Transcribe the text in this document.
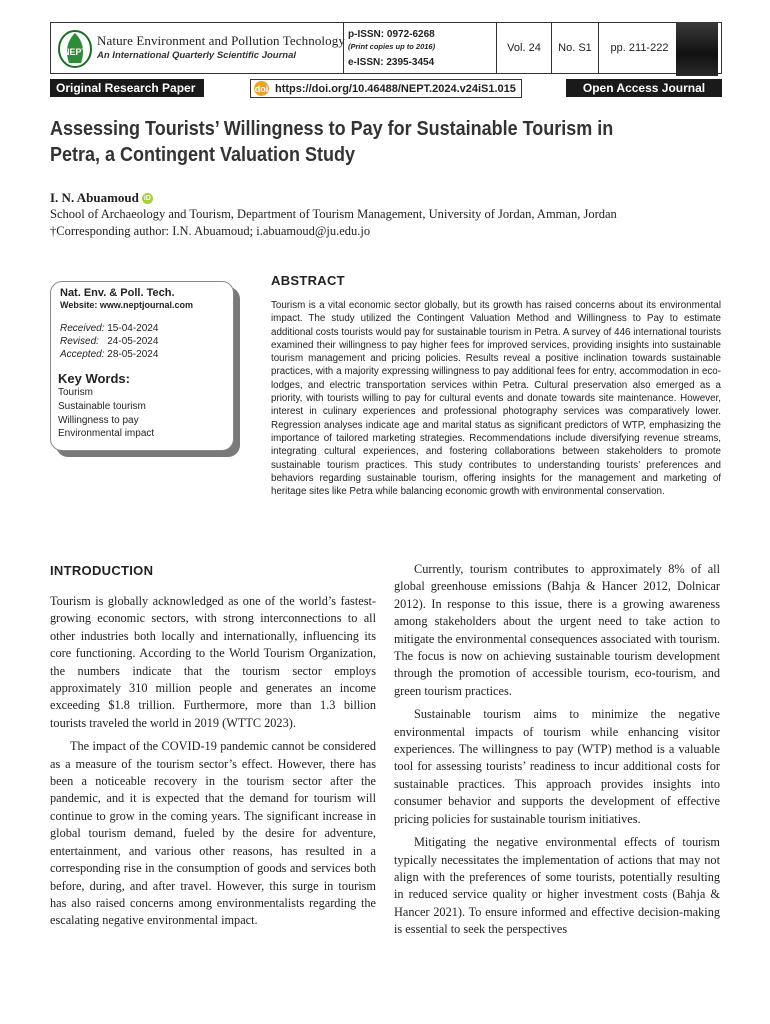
NEPT
Nature Environment and Pollution Technology
An International Quarterly Scientific Journal
p-ISSN: 0972-6268
(Print copies up to 2016)
e-ISSN: 2395-3454
Vol. 24	No. S1	pp. 211-222
Original Research Paper	doi https://doi.org/10.46488/NEPT.2024.v24iS1.015	Open Access Journal
Assessing Tourists’ Willingness to Pay for Sustainable Tourism in Petra, a Contingent Valuation Study
I. N. Abuamoud iD
School of Archaeology and Tourism, Department of Tourism Management, University of Jordan, Amman, Jordan
†Corresponding author: I.N. Abuamoud; i.abuamoud@ju.edu.jo
Nat. Env. & Poll. Tech.
Website: www.neptjournal.com
Received: 15-04-2024
Revised: 24-05-2024
Accepted: 28-05-2024
Key Words:
Tourism
Sustainable tourism
Willingness to pay
Environmental impact
ABSTRACT
Tourism is a vital economic sector globally, but its growth has raised concerns about its environmental impact. The study utilized the Contingent Valuation Method and Willingness to Pay to estimate additional costs tourists would pay for sustainable tourism in Petra. A survey of 446 international tourists examined their willingness to pay higher fees for improved services, providing insights into sustainable tourism management and pricing policies. Results reveal a positive inclination towards sustainable practices, with a majority expressing willingness to pay additional fees for entry, accommodation in eco-lodges, and electric transportation services within Petra. Cultural preservation also emerged as a priority, with tourists willing to pay for cultural events and donate towards site maintenance. However, interest in culinary experiences and professional photography services was comparatively lower. Regression analyses indicate age and marital status as significant predictors of WTP, emphasizing the importance of tailored marketing strategies. Recommendations include diversifying revenue streams, integrating cultural experiences, and fostering collaborations between stakeholders to promote sustainable tourism practices. This study contributes to understanding tourists’ preferences and behaviors regarding sustainable tourism, offering insights for the management and marketing of heritage sites like Petra while balancing economic growth with environmental conservation.
INTRODUCTION

Tourism is globally acknowledged as one of the world’s fastest-growing economic sectors, with strong interconnections to all other industries both locally and internationally, influencing its core functioning. According to the World Tourism Organization, the numbers indicate that the tourism sector employs approximately 310 million people and generates an income exceeding $1.8 trillion. Furthermore, more than 1.3 billion tourists traveled the world in 2019 (WTTC 2023).

The impact of the COVID-19 pandemic cannot be considered as a measure of the tourism sector’s effect. However, there has been a noticeable recovery in the tourism sector after the pandemic, and it is expected that the demand for tourism will continue to grow in the coming years. The significant increase in global tourism demand, fueled by the desire for adventure, entertainment, and various other reasons, has resulted in a corresponding rise in the consumption of goods and services both before, during, and after travel. However, this surge in tourism has also raised concerns among environmentalists regarding the escalating negative environmental impact.

Currently, tourism contributes to approximately 8% of all global greenhouse emissions (Bahja & Hancer 2012, Dolnicar 2012). In response to this issue, there is a growing awareness among stakeholders about the urgent need to take action to mitigate the environmental consequences associated with tourism. The focus is now on achieving sustainable tourism development through the promotion of accessible tourism, eco-tourism, and green tourism practices.

Sustainable tourism aims to minimize the negative environmental impacts of tourism while enhancing visitor experiences. The willingness to pay (WTP) method is a valuable tool for assessing tourists’ readiness to incur additional costs for sustainable practices. This approach provides insights into consumer behavior and supports the development of effective pricing policies for sustainable tourism initiatives.

Mitigating the negative environmental effects of tourism typically necessitates the implementation of actions that may not align with the preferences of some tourists, potentially resulting in reduced service quality or higher investment costs (Bahja & Hancer 2021). To ensure informed and effective decision-making is essential to seek the perspectives
